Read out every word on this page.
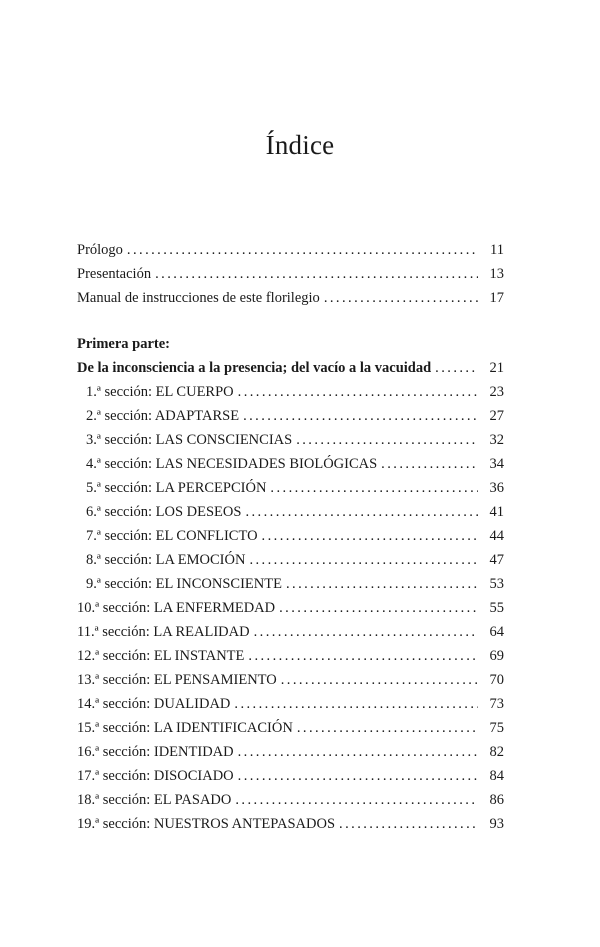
Índice
Prólogo . . .	11
Presentación . . .	13
Manual de instrucciones de este florilegio . . .	17
Primera parte:
De la inconsciencia a la presencia; del vacío a la vacuidad . . .	21
1.ª sección: EL CUERPO . . .	23
2.ª sección: ADAPTARSE . . .	27
3.ª sección: LAS CONSCIENCIAS . . .	32
4.ª sección: LAS NECESIDADES BIOLÓGICAS . . .	34
5.ª sección: LA PERCEPCIÓN . . .	36
6.ª sección: LOS DESEOS . . .	41
7.ª sección: EL CONFLICTO . . .	44
8.ª sección: LA EMOCIÓN . . .	47
9.ª sección: EL INCONSCIENTE . . .	53
10.ª sección: LA ENFERMEDAD . . .	55
11.ª sección: LA REALIDAD . . .	64
12.ª sección: EL INSTANTE . . .	69
13.ª sección: EL PENSAMIENTO . . .	70
14.ª sección: DUALIDAD . . .	73
15.ª sección: LA IDENTIFICACIÓN . . .	75
16.ª sección: IDENTIDAD . . .	82
17.ª sección: DISOCIADO . . .	84
18.ª sección: EL PASADO . . .	86
19.ª sección: NUESTROS ANTEPASADOS . . .	93
